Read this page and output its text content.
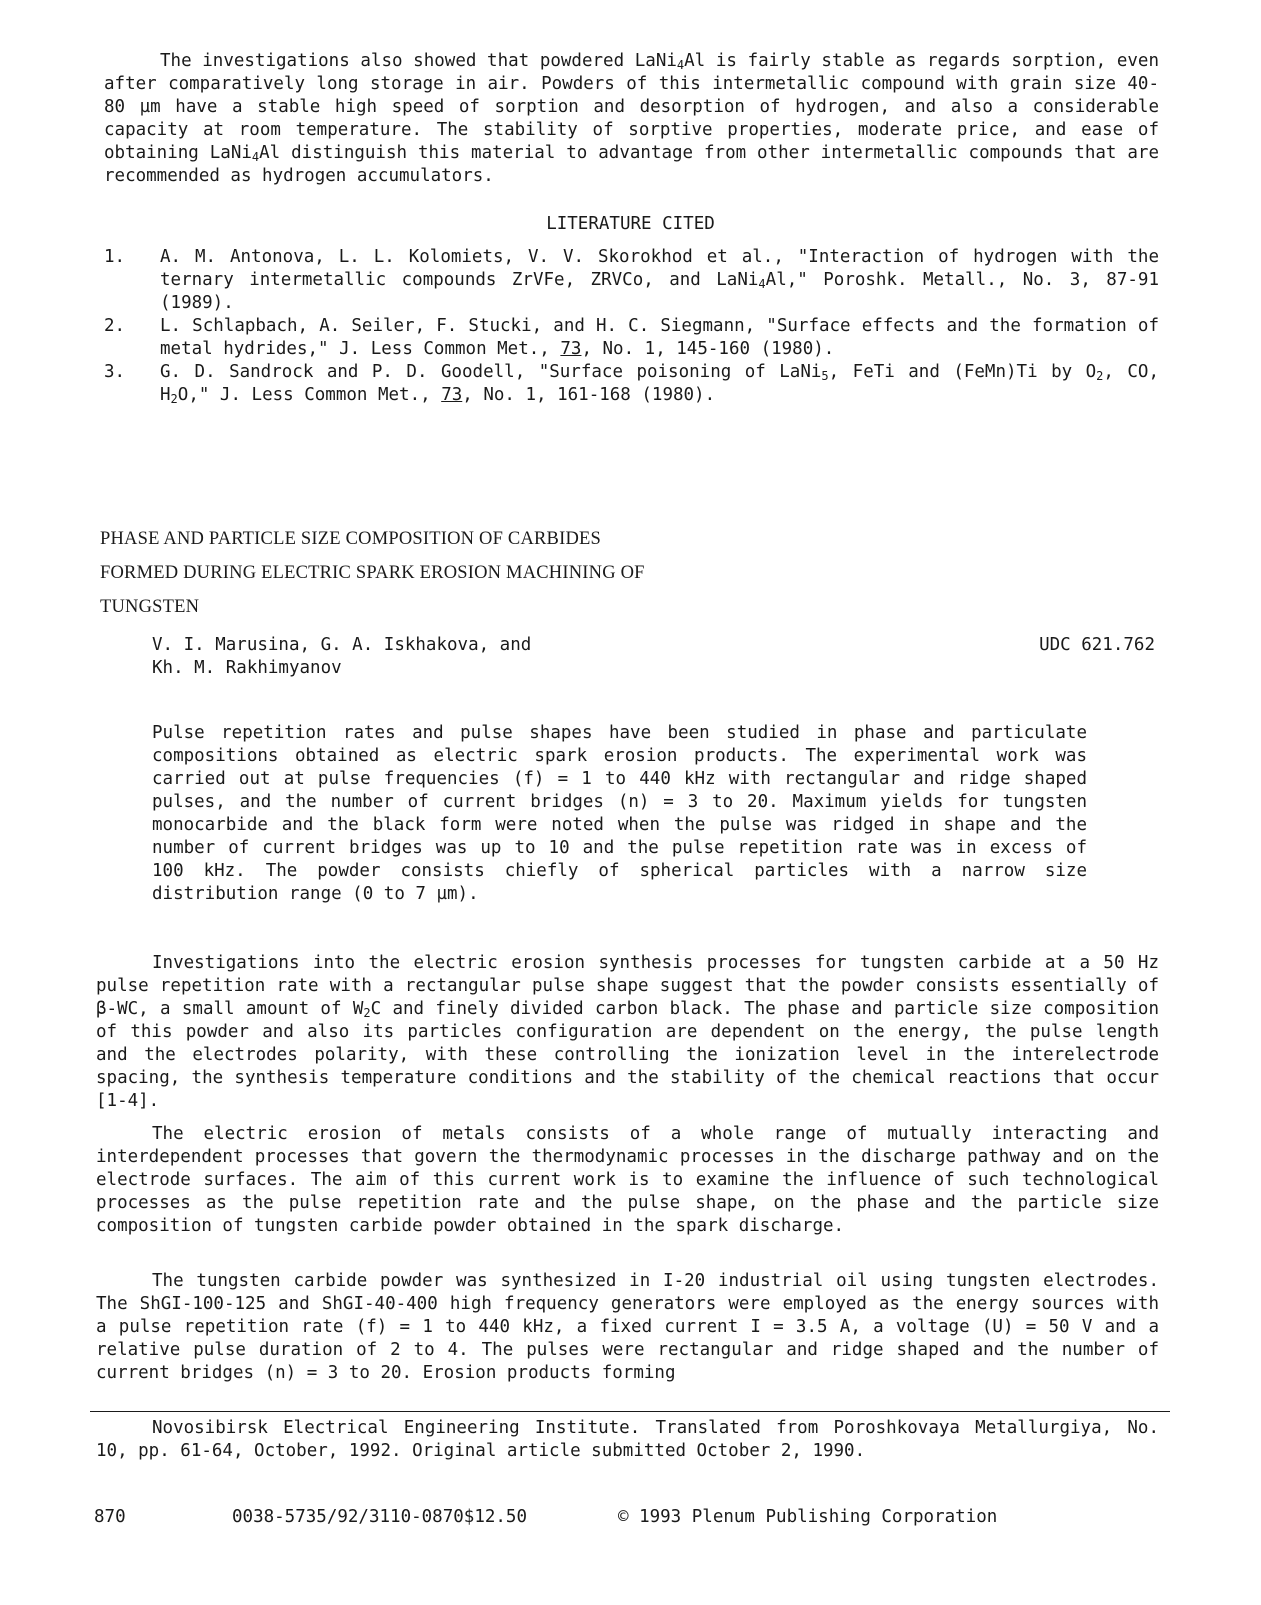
The investigations also showed that powdered LaNi$_4$Al is fairly stable as regards sorption, even after comparatively long storage in air. Powders of this intermetallic compound with grain size 40-80 µm have a stable high speed of sorption and desorption of hydrogen, and also a considerable capacity at room temperature. The stability of sorptive properties, moderate price, and ease of obtaining LaNi$_4$Al distinguish this material to advantage from other intermetallic compounds that are recommended as hydrogen accumulators.

LITERATURE CITED
1. A. M. Antonova, L. L. Kolomiets, V. V. Skorokhod et al., "Interaction of hydrogen with the ternary intermetallic compounds ZrVFe, ZRVCo, and LaNi$_4$Al," Poroshk. Metall., No. 3, 87-91 (1989).
2. L. Schlapbach, A. Seiler, F. Stucki, and H. C. Siegmann, "Surface effects and the formation of metal hydrides," J. Less Common Met., 73, No. 1, 145-160 (1980).
3. G. D. Sandrock and P. D. Goodell, "Surface poisoning of LaNi$_5$, FeTi and (FeMn)Ti by $O_2$, CO, $H_2O$," J. Less Common Met., 73, No. 1, 161-168 (1980).
PHASE AND PARTICLE SIZE COMPOSITION OF CARBIDES
FORMED DURING ELECTRIC SPARK EROSION MACHINING OF
TUNGSTEN
V. I. Marusina, G. A. Iskhakova, and
Kh. M. Rakhimyanov
UDC 621.762

Pulse repetition rates and pulse shapes have been studied in phase and particulate compositions obtained as electric spark erosion products. The experimental work was carried out at pulse frequencies (f) = 1 to 440 kHz with rectangular and ridge shaped pulses, and the number of current bridges (n) = 3 to 20. Maximum yields for tungsten monocarbide and the black form were noted when the pulse was ridged in shape and the number of current bridges was up to 10 and the pulse repetition rate was in excess of 100 kHz. The powder consists chiefly of spherical particles with a narrow size distribution range (0 to 7 µm).

Investigations into the electric erosion synthesis processes for tungsten carbide at a 50 Hz pulse repetition rate with a rectangular pulse shape suggest that the powder consists essentially of β-WC, a small amount of $W_2C$ and finely divided carbon black. The phase and particle size composition of this powder and also its particles configuration are dependent on the energy, the pulse length and the electrodes polarity, with these controlling the ionization level in the interelectrode spacing, the synthesis temperature conditions and the stability of the chemical reactions that occur [1-4].

The electric erosion of metals consists of a whole range of mutually interacting and interdependent processes that govern the thermodynamic processes in the discharge pathway and on the electrode surfaces. The aim of this current work is to examine the influence of such technological processes as the pulse repetition rate and the pulse shape, on the phase and the particle size composition of tungsten carbide powder obtained in the spark discharge.

The tungsten carbide powder was synthesized in I-20 industrial oil using tungsten electrodes. The ShGI-100-125 and ShGI-40-400 high frequency generators were employed as the energy sources with a pulse repetition rate (f) = 1 to 440 kHz, a fixed current I = 3.5 A, a voltage (U) = 50 V and a relative pulse duration of 2 to 4. The pulses were rectangular and ridge shaped and the number of current bridges (n) = 3 to 20. Erosion products forming

Novosibirsk Electrical Engineering Institute. Translated from Poroshkovaya Metallurgiya, No. 10, pp. 61-64, October, 1992. Original article submitted October 2, 1990.

870	0038-5735/92/3110-0870$12.50	© 1993 Plenum Publishing Corporation
